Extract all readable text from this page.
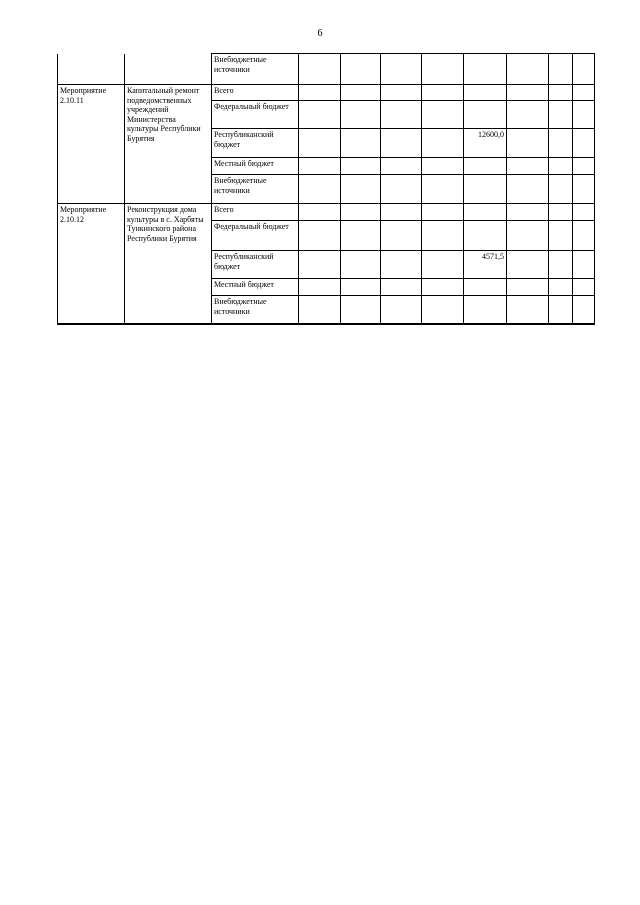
6
		Внебюджетные источники								
Мероприятие 2.10.11	Капитальный ремонт подведомственных учреждений Министерства культуры Республики Бурятия	Всего								
		Федеральный бюджет								
		Республиканский бюджет					12600,0			
		Местный бюджет								
		Внебюджетные источники								
Мероприятие 2.10.12	Реконструкция дома культуры в с. Харбяты Тункинского района Республики Бурятия	Всего								
		Федеральный бюджет								
		Республиканский бюджет					4571,5			
		Местный бюджет								
		Внебюджетные источники								
